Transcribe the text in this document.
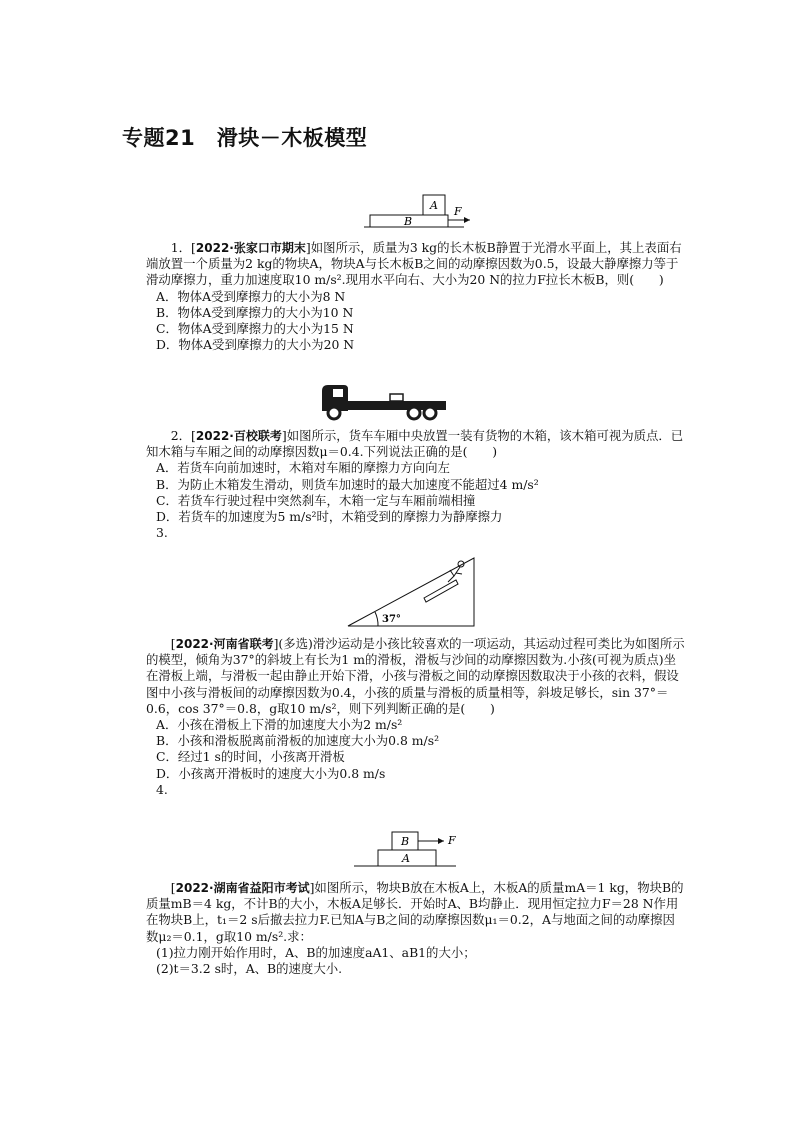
专题21　滑块－木板模型
A
B
F

  1．[2022·张家口市期末]如图所示，质量为3 kg的长木板B静置于光滑水平面上，其上表面右端放置一个质量为2 kg的物块A，物块A与长木板B之间的动摩擦因数为0.5，设最大静摩擦力等于滑动摩擦力，重力加速度取10 m/s².现用水平向右、大小为20 N的拉力F拉长木板B，则(　　)

A．物体A受到摩擦力的大小为8 N

B．物体A受到摩擦力的大小为10 N

C．物体A受到摩擦力的大小为15 N

D．物体A受到摩擦力的大小为20 N

  2．[2022·百校联考]如图所示，货车车厢中央放置一装有货物的木箱，该木箱可视为质点．已知木箱与车厢之间的动摩擦因数μ＝0.4.下列说法正确的是(　　)

A．若货车向前加速时，木箱对车厢的摩擦力方向向左

B．为防止木箱发生滑动，则货车加速时的最大加速度不能超过4 m/s²

C．若货车行驶过程中突然刹车，木箱一定与车厢前端相撞

D．若货车的加速度为5 m/s²时，木箱受到的摩擦力为静摩擦力

3.

37°

  [2022·河南省联考](多选)滑沙运动是小孩比较喜欢的一项运动，其运动过程可类比为如图所示的模型，倾角为37°的斜坡上有长为1 m的滑板，滑板与沙间的动摩擦因数为.小孩(可视为质点)坐在滑板上端，与滑板一起由静止开始下滑，小孩与滑板之间的动摩擦因数取决于小孩的衣料，假设图中小孩与滑板间的动摩擦因数为0.4，小孩的质量与滑板的质量相等，斜坡足够长，sin 37°＝0.6，cos 37°＝0.8，g取10 m/s²，则下列判断正确的是(　　)

A．小孩在滑板上下滑的加速度大小为2 m/s²

B．小孩和滑板脱离前滑板的加速度大小为0.8 m/s²

C．经过1 s的时间，小孩离开滑板

D．小孩离开滑板时的速度大小为0.8 m/s

4.

B	F
A

  [2022·湖南省益阳市考试]如图所示，物块B放在木板A上，木板A的质量mA＝1 kg，物块B的质量mB＝4 kg，不计B的大小，木板A足够长．开始时A、B均静止．现用恒定拉力F＝28 N作用在物块B上，t₁＝2 s后撤去拉力F.已知A与B之间的动摩擦因数μ₁＝0.2，A与地面之间的动摩擦因数μ₂＝0.1，g取10 m/s².求：

(1)拉力刚开始作用时，A、B的加速度aA1、aB1的大小；

(2)t＝3.2 s时，A、B的速度大小.
